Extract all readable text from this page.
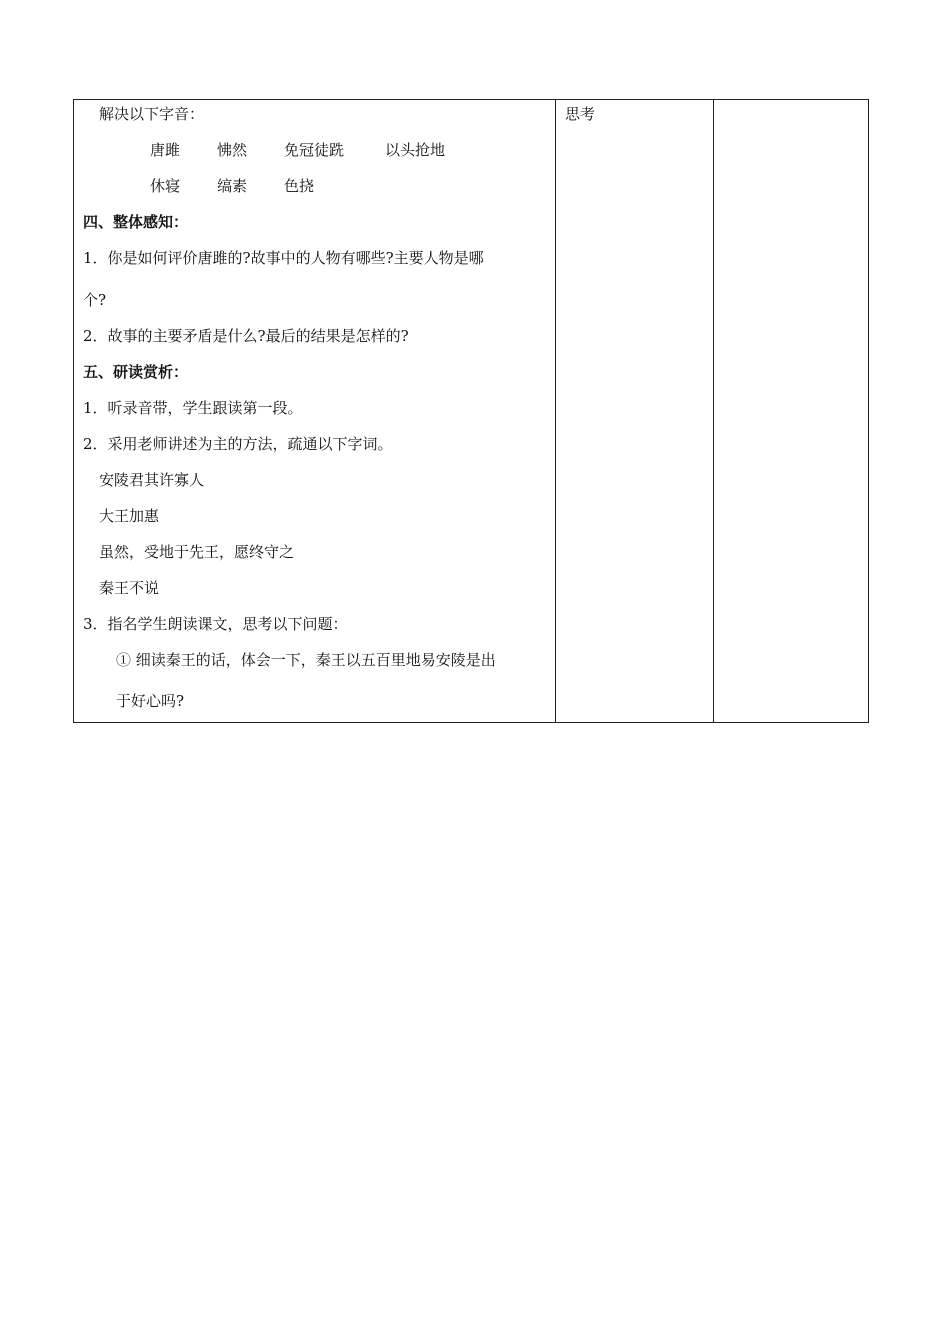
解决以下字音：
唐雎	怫然	免冠徒跣	以头抢地
休寝	缟素	色挠
四、整体感知：
1．你是如何评价唐雎的?故事中的人物有哪些?主要人物是哪
个?
2．故事的主要矛盾是什么?最后的结果是怎样的?
五、研读赏析：
1．听录音带，学生跟读第一段。
2．采用老师讲述为主的方法，疏通以下字词。
安陵君其许寡人
大王加惠
虽然，受地于先王，愿终守之
秦王不说
3．指名学生朗读课文，思考以下问题：
① 细读秦王的话，体会一下，秦王以五百里地易安陵是出
于好心吗?
思考
